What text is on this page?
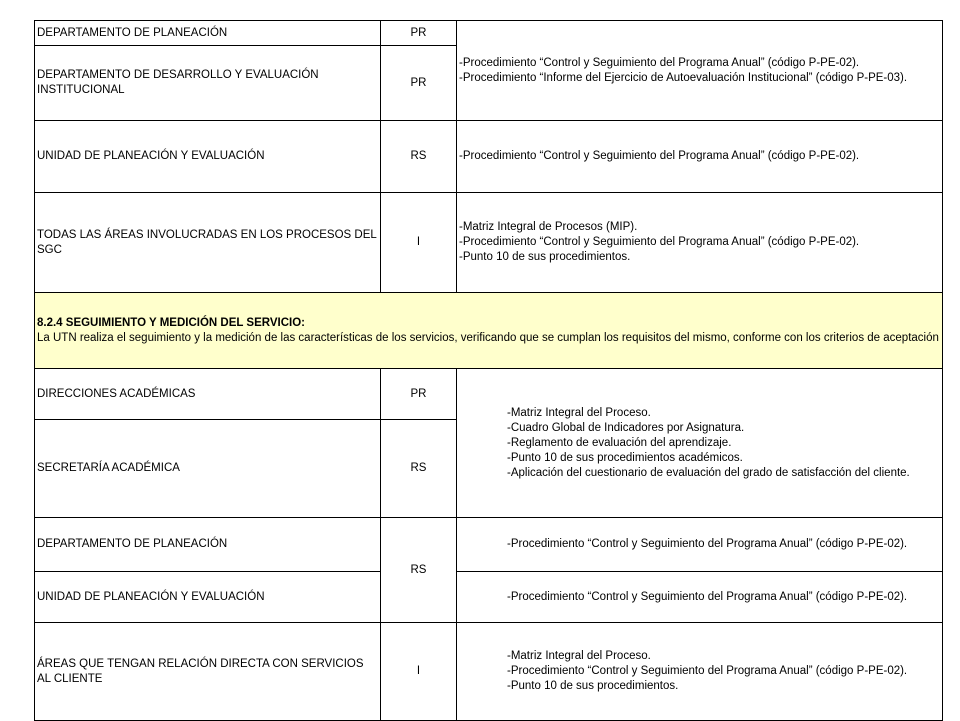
DEPARTAMENTO DE PLANEACIÓN	PR	-Procedimiento “Control y Seguimiento del Programa Anual” (código P-PE-02).
-Procedimiento “Informe del Ejercicio de Autoevaluación Institucional” (código P-PE-03).

DEPARTAMENTO DE DESARROLLO Y EVALUACIÓN INSTITUCIONAL	PR	
UNIDAD DE PLANEACIÓN Y EVALUACIÓN	RS	-Procedimiento “Control y Seguimiento del Programa Anual” (código P-PE-02).

TODAS LAS ÁREAS INVOLUCRADAS EN LOS PROCESOS DEL SGC	I	-Matriz Integral de Procesos (MIP).
-Procedimiento “Control y Seguimiento del Programa Anual” (código P-PE-02).
-Punto 10 de sus procedimientos.

8.2.4 SEGUIMIENTO Y MEDICIÓN DEL SERVICIO:
La UTN realiza el seguimiento y la medición de las características de los servicios, verificando que se cumplan los requisitos del mismo, conforme con los criterios de aceptación		
DIRECCIONES ACADÉMICAS	PR	-Matriz Integral del Proceso.
-Cuadro Global de Indicadores por Asignatura.
-Reglamento de evaluación del aprendizaje.
-Punto 10 de sus procedimientos académicos.
-Aplicación del cuestionario de evaluación del grado de satisfacción del cliente.

SECRETARÍA ACADÉMICA	RS	
DEPARTAMENTO DE PLANEACIÓN	RS	-Procedimiento “Control y Seguimiento del Programa Anual” (código P-PE-02).

UNIDAD DE PLANEACIÓN Y EVALUACIÓN		-Procedimiento “Control y Seguimiento del Programa Anual” (código P-PE-02).

ÁREAS QUE TENGAN RELACIÓN DIRECTA CON SERVICIOS AL CLIENTE	I	-Matriz Integral del Proceso.
-Procedimiento “Control y Seguimiento del Programa Anual” (código P-PE-02).
-Punto 10 de sus procedimientos.
